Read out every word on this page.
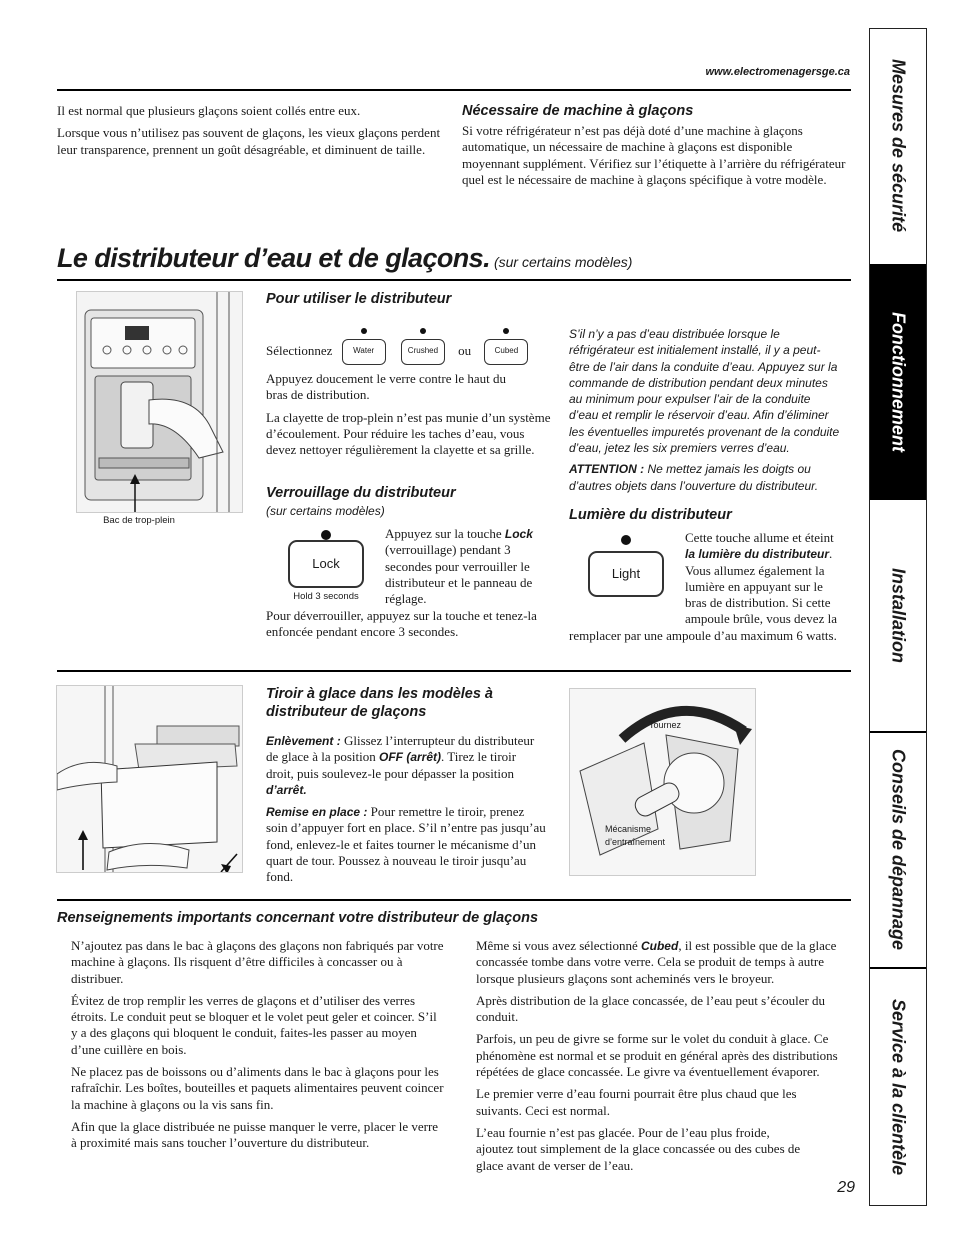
www.electromenagersge.ca

Il est normal que plusieurs glaçons soient collés entre eux.

Lorsque vous n’utilisez pas souvent de glaçons, les vieux glaçons perdent leur transparence, prennent un goût désagréable, et diminuent de taille.

Nécessaire de machine à glaçons

Si votre réfrigérateur n’est pas déjà doté d’une machine à glaçons automatique, un nécessaire de machine à glaçons est disponible moyennant supplément. Vérifiez sur l’étiquette à l’arrière du réfrigérateur quel est le nécessaire de machine à glaçons spécifique à votre modèle.

Le distributeur d’eau et de glaçons. (sur certains modèles)
Bac de trop-plein
Pour utiliser le distributeur
Sélectionnez	Water	Crushed ou	Cubed

Appuyez doucement le verre contre le haut du bras de distribution.

La clayette de trop-plein n’est pas munie d’un système d’écoulement. Pour réduire les taches d’eau, vous devez nettoyer régulièrement la clayette et sa grille.

S’il n’y a pas d’eau distribuée lorsque le réfrigérateur est initialement installé, il y a peut-être de l’air dans la conduite d’eau. Appuyez sur la commande de distribution pendant deux minutes au minimum pour expulser l’air de la conduite d’eau et remplir le réservoir d’eau. Afin d’éliminer les éventuelles impuretés provenant de la conduite d’eau, jetez les six premiers verres d’eau.

ATTENTION : Ne mettez jamais les doigts ou d’autres objets dans l’ouverture du distributeur.

Verrouillage du distributeur
(sur certains modèles)
Lock
Hold 3 seconds

Appuyez sur la touche Lock (verrouillage) pendant 3 secondes pour verrouiller le distributeur et le panneau de réglage.

Pour déverrouiller, appuyez sur la touche et tenez-la enfoncée pendant encore 3 secondes.

Lumière du distributeur
Light

Cette touche allume et éteint la lumière du distributeur. Vous allumez également la lumière en appuyant sur le bras de distribution. Si cette ampoule brûle, vous devez la remplacer par une ampoule d’au maximum 6 watts.

Tiroir à glace dans les modèles à distributeur de glaçons

Enlèvement : Glissez l’interrupteur du distributeur de glace à la position OFF (arrêt). Tirez le tiroir droit, puis soulevez-le pour dépasser la position d’arrêt.

Remise en place : Pour remettre le tiroir, prenez soin d’appuyer fort en place. S’il n’entre pas jusqu’au fond, enlevez-le et faites tourner le mécanisme d’un quart de tour. Poussez à nouveau le tiroir jusqu’au fond.

Tournez
Mécanisme
d’entraînement
Renseignements importants concernant votre distributeur de glaçons

N’ajoutez pas dans le bac à glaçons des glaçons non fabriqués par votre machine à glaçons. Ils risquent d’être difficiles à concasser ou à distribuer.

Évitez de trop remplir les verres de glaçons et d’utiliser des verres étroits. Le conduit peut se bloquer et le volet peut geler et coincer. S’il y a des glaçons qui bloquent le conduit, faites-les passer au moyen d’une cuillère en bois.

Ne placez pas de boissons ou d’aliments dans le bac à glaçons pour les rafraîchir. Les boîtes, bouteilles et paquets alimentaires peuvent coincer la machine à glaçons ou la vis sans fin.

Afin que la glace distribuée ne puisse manquer le verre, placer le verre à proximité mais sans toucher l’ouverture du distributeur.

Même si vous avez sélectionné Cubed, il est possible que de la glace concassée tombe dans votre verre. Cela se produit de temps à autre lorsque plusieurs glaçons sont acheminés vers le broyeur.

Après distribution de la glace concassée, de l’eau peut s’écouler du conduit.

Parfois, un peu de givre se forme sur le volet du conduit à glace. Ce phénomène est normal et se produit en général après des distributions répétées de glace concassée. Le givre va éventuellement évaporer.

Le premier verre d’eau fourni pourrait être plus chaud que les suivants. Ceci est normal.

L’eau fournie n’est pas glacée. Pour de l’eau plus froide, ajoutez tout simplement de la glace concassée ou des cubes de glace avant de verser de l’eau.

29
Mesures de sécurité
Fonctionnement
Installation
Conseils de dépannage
Service à la clientèle
